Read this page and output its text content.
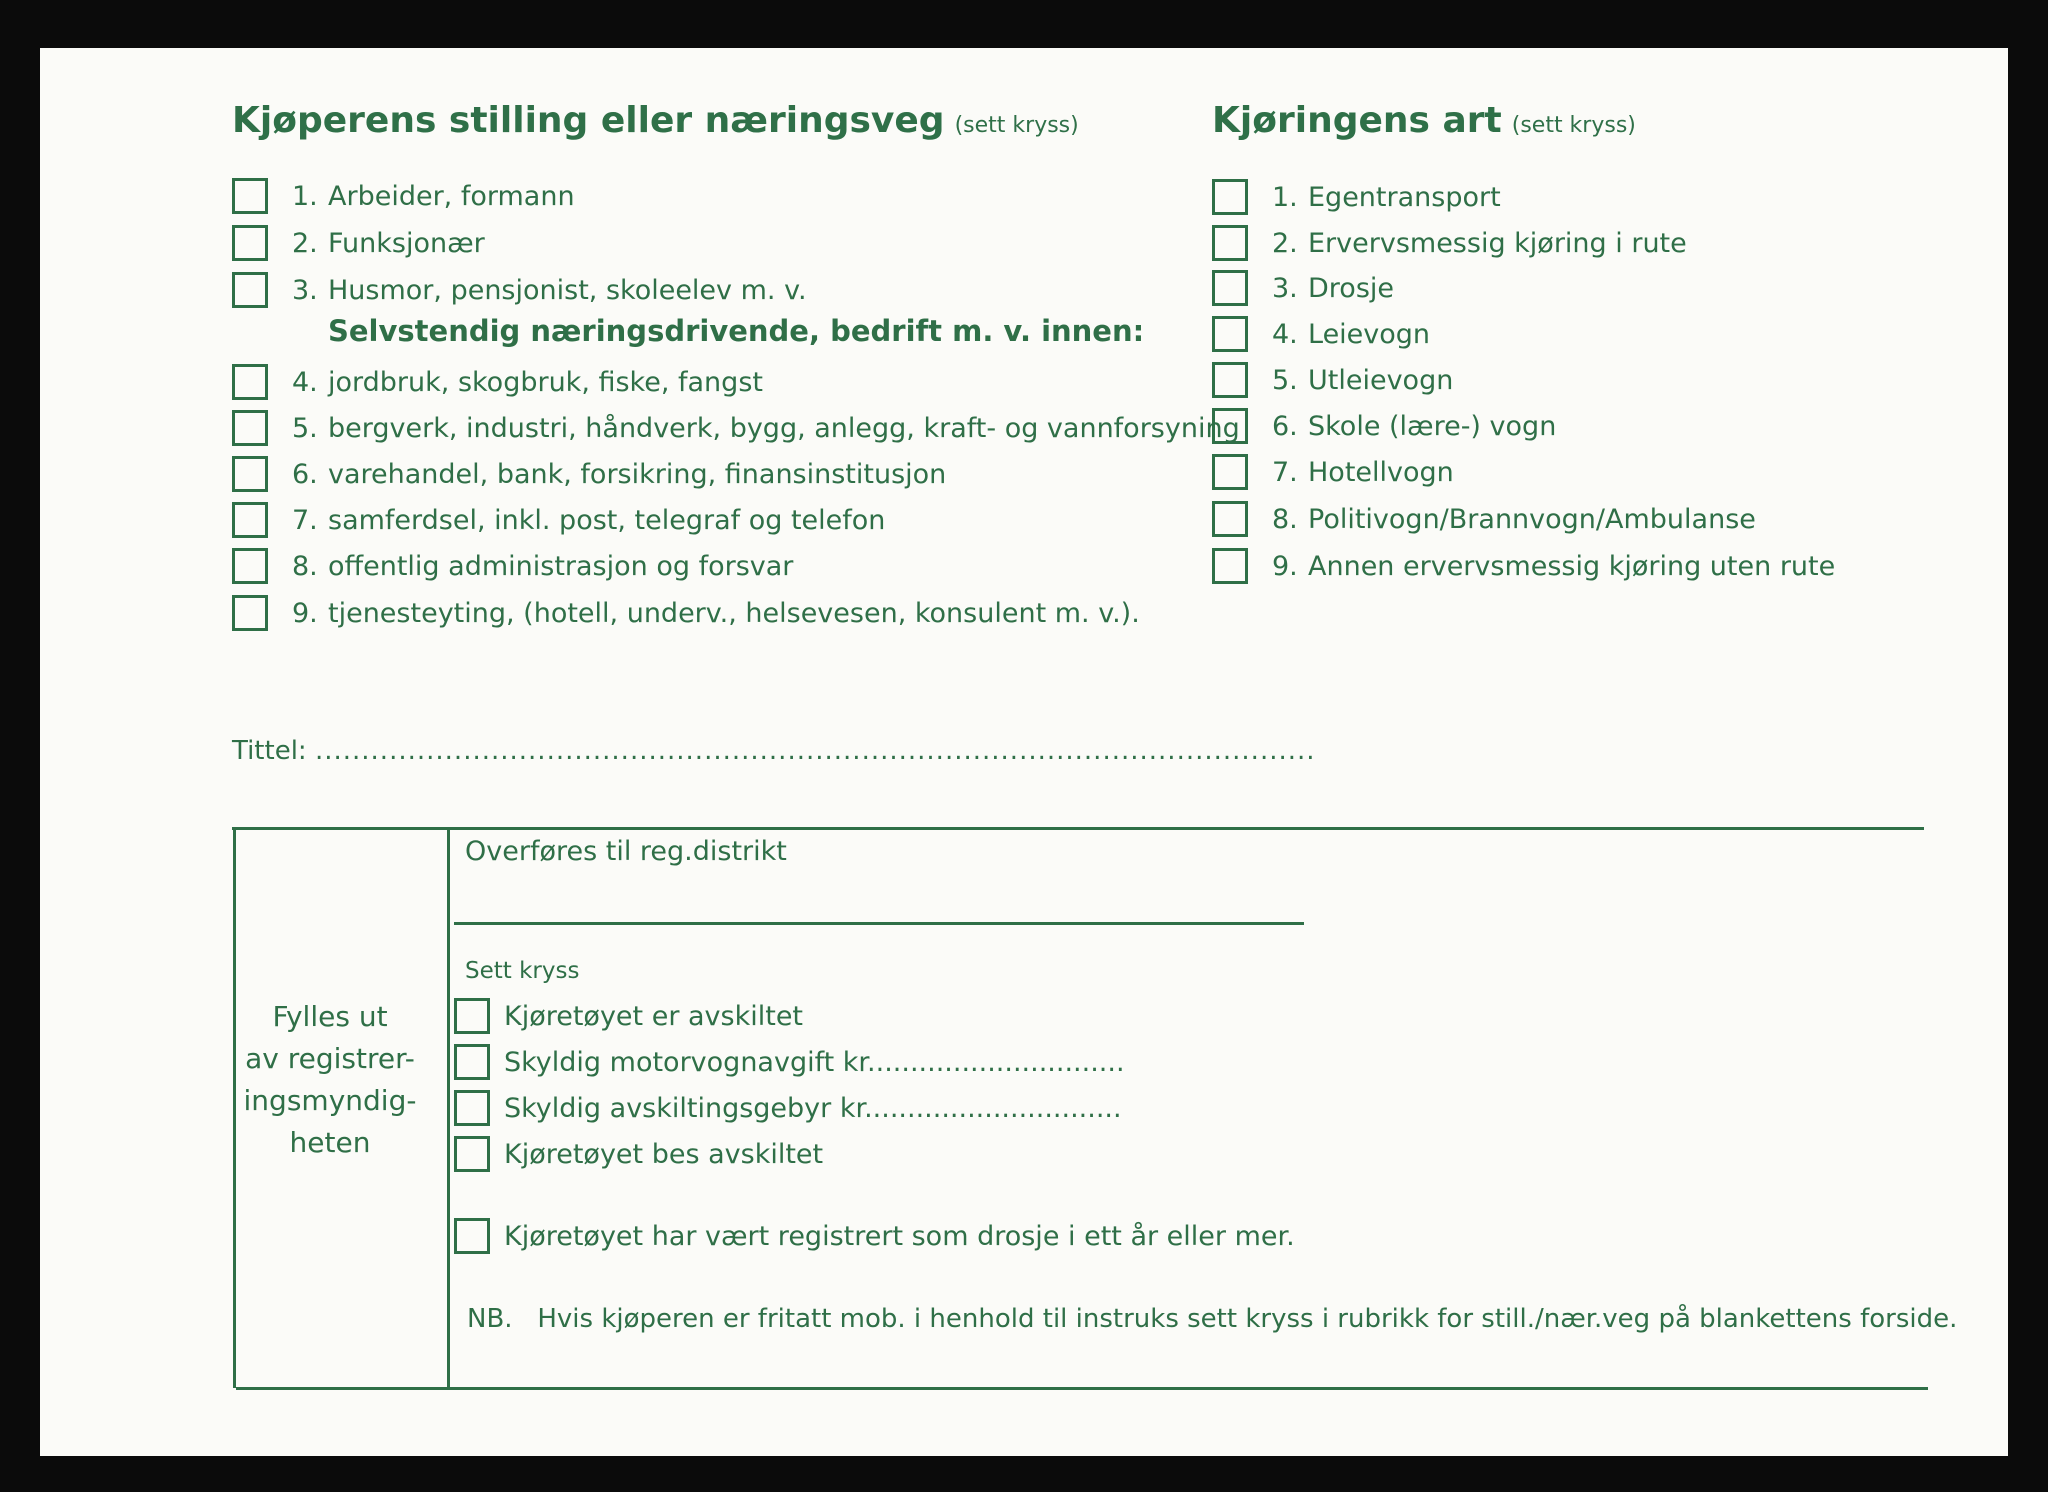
Kjøperens stilling eller næringsveg (sett kryss)
1. Arbeider, formann
2. Funksjonær
3. Husmor, pensjonist, skoleelev m. v.
Selvstendig næringsdrivende, bedrift m. v. innen:
4. jordbruk, skogbruk, fiske, fangst
5. bergverk, industri, håndverk, bygg, anlegg, kraft- og vannforsyning
6. varehandel, bank, forsikring, finansinstitusjon
7. samferdsel, inkl. post, telegraf og telefon
8. offentlig administrasjon og forsvar
9. tjenesteyting, (hotell, underv., helsevesen, konsulent m. v.).
Kjøringens art (sett kryss)
1. Egentransport
2. Ervervsmessig kjøring i rute
3. Drosje
4. Leievogn
5. Utleievogn
6. Skole (lære-) vogn
7. Hotellvogn
8. Politivogn/Brannvogn/Ambulanse
9. Annen ervervsmessig kjøring uten rute
Tittel: ............................................................................................................
Fylles ut
av registrer-
ingsmyndig-
heten
Overføres til reg.distrikt
Sett kryss
Kjøretøyet er avskiltet
Skyldig motorvognavgift kr..............................
Skyldig avskiltingsgebyr kr..............................
Kjøretøyet bes avskiltet
Kjøretøyet har vært registrert som drosje i ett år eller mer.
NB.   Hvis kjøperen er fritatt mob. i henhold til instruks sett kryss i rubrikk for still./nær.veg på blankettens forside.
